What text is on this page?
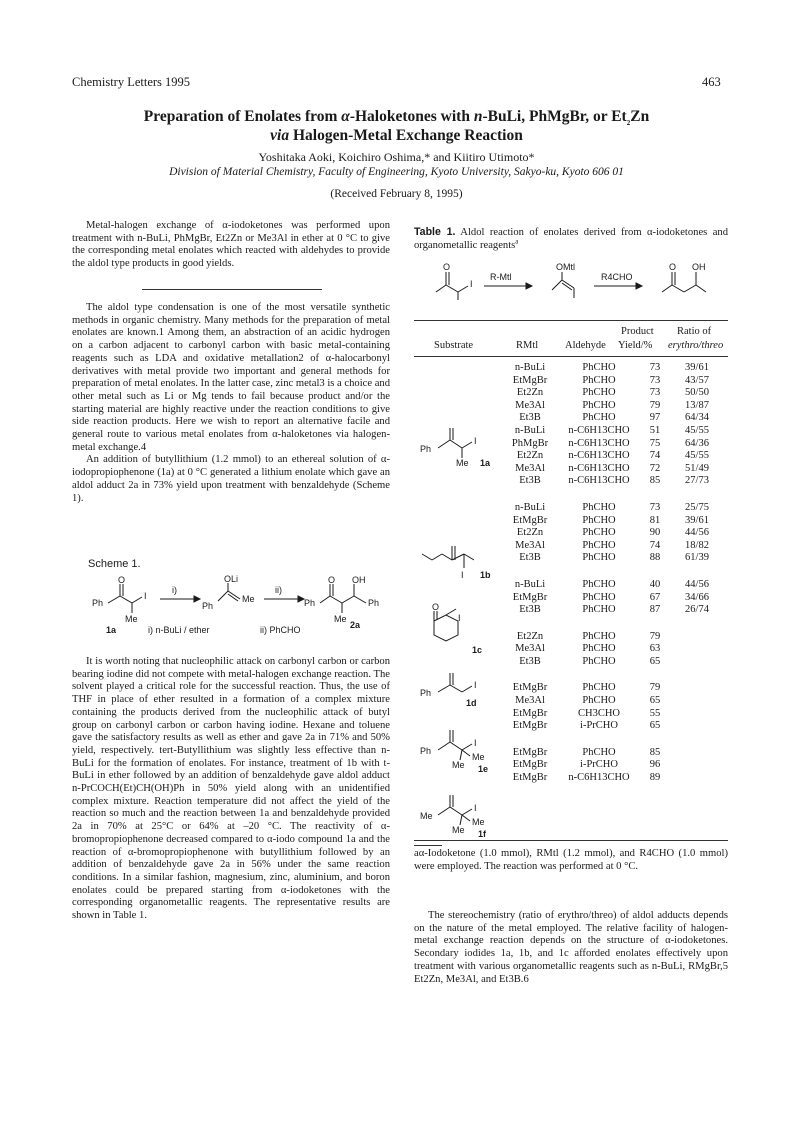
Chemistry Letters 1995	463
Preparation of Enolates from α-Haloketones with n-BuLi, PhMgBr, or $Et_2Zn$
via Halogen-Metal Exchange Reaction
Yoshitaka Aoki, Koichiro Oshima,* and Kiitiro Utimoto*
Division of Material Chemistry, Faculty of Engineering, Kyoto University, Sakyo-ku, Kyoto 606 01
(Received February 8, 1995)

Metal-halogen exchange of α-iodoketones was performed upon treatment with n-BuLi, PhMgBr, Et2Zn or Me3Al in ether at 0 °C to give the corresponding metal enolates which reacted with aldehydes to provide the aldol type products in good yields.

The aldol type condensation is one of the most versatile synthetic methods in organic chemistry. Many methods for the preparation of metal enolates are known.1 Among them, an abstraction of an acidic hydrogen on a carbon adjacent to carbonyl carbon with basic metal-containing reagents such as LDA and oxidative metallation2 of α-halocarbonyl derivatives with metal provide two important and general methods for preparation of metal enolates. In the latter case, zinc metal3 is a choice and other metal such as Li or Mg tends to fail because product and/or the starting material are highly reactive under the reaction conditions to give side reaction products. Here we wish to report an alternative facile and general route to various metal enolates from α-haloketones via halogen-metal exchange.4

An addition of butyllithium (1.2 mmol) to an ethereal solution of α-iodopropiophenone (1a) at 0 °C generated a lithium enolate which gave an aldol adduct 2a in 73% yield upon treatment with benzaldehyde (Scheme 1).

Scheme 1.
O
Ph
I
Me
i)
OLi
Ph
Me
ii)
O OH
Ph	Ph
Me
1a	i) n-BuLi / ether	ii) PhCHO	2a

It is worth noting that nucleophilic attack on carbonyl carbon or carbon bearing iodine did not compete with metal-halogen exchange reaction. The solvent played a critical role for the successful reaction. Thus, the use of THF in place of ether resulted in a formation of a complex mixture containing the products derived from the nucleophilic attack of butyl group on carbonyl carbon or carbon having iodine. Hexane and toluene gave the satisfactory results as well as ether and gave 2a in 71% and 50% yield, respectively. tert-Butyllithium was slightly less effective than n-BuLi for the formation of enolates. For instance, treatment of 1b with t-BuLi in ether followed by an addition of benzaldehyde gave aldol adduct n-PrCOCH(Et)CH(OH)Ph in 50% yield along with an unidentified complex mixture. Reaction temperature did not affect the yield of the reaction so much and the reaction between 1a and benzaldehyde provided 2a in 70% at 25°C or 64% at –20 °C. The reactivity of α-bromopropiophenone decreased compared to α-iodo compound 1a and the reaction of α-bromopropiophenone with butyllithium followed by an addition of benzaldehyde gave 2a in 56% under the same reaction conditions. In a similar fashion, magnesium, zinc, aluminium, and boron enolates could be prepared starting from α-iodoketones with the corresponding organometallic reagents. The representative results are shown in Table 1.

Table 1. Aldol reaction of enolates derived from α-iodoketones and organometallic reagents$^a$
O
I
R-Mtl
OMtl
R4CHO
O OH
Substrate	RMtl	Aldehyde
Product
Yield/%
Ratio of
erythro/threo
n-BuLi	PhCHO	73	39/61
EtMgBr	PhCHO	73	43/57
Et2Zn	PhCHO	73	50/50
Me3Al	PhCHO	79	13/87
Et3B	PhCHO	97	64/34
n-BuLi	n-C6H13CHO	51	45/55
PhMgBr	n-C6H13CHO	75	64/36
Et2Zn	n-C6H13CHO	74	45/55
Me3Al	n-C6H13CHO	72	51/49
Et3B	n-C6H13CHO	85	27/73

n-BuLi	PhCHO	73	25/75
EtMgBr	PhCHO	81	39/61
Et2Zn	PhCHO	90	44/56
Me3Al	PhCHO	74	18/82
Et3B	PhCHO	88	61/39

n-BuLi	PhCHO	40	44/56
EtMgBr	PhCHO	67	34/66
Et3B	PhCHO	87	26/74

Et2Zn	PhCHO	79	
Me3Al	PhCHO	63	
Et3B	PhCHO	65	

EtMgBr	PhCHO	79	
Me3Al	PhCHO	65	
EtMgBr	CH3CHO	55	
EtMgBr	i-PrCHO	65	

EtMgBr	PhCHO	85	
EtMgBr	i-PrCHO	96	
EtMgBr	n-C6H13CHO	89	
Ph
I
Me 1a
I 1b
O
I
1c
Ph
I
1d
Ph
I
Me
Me 1e
Me
I
Me
Me 1f
aα-Iodoketone (1.0 mmol), RMtl (1.2 mmol), and R4CHO (1.0 mmol) were employed. The reaction was performed at 0 °C.

The stereochemistry (ratio of erythro/threo) of aldol adducts depends on the nature of the metal employed. The relative facility of halogen-metal exchange reaction depends on the structure of α-iodoketones. Secondary iodides 1a, 1b, and 1c afforded enolates effectively upon treatment with various organometallic reagents such as n-BuLi, RMgBr,5 Et2Zn, Me3Al, and Et3B.6
